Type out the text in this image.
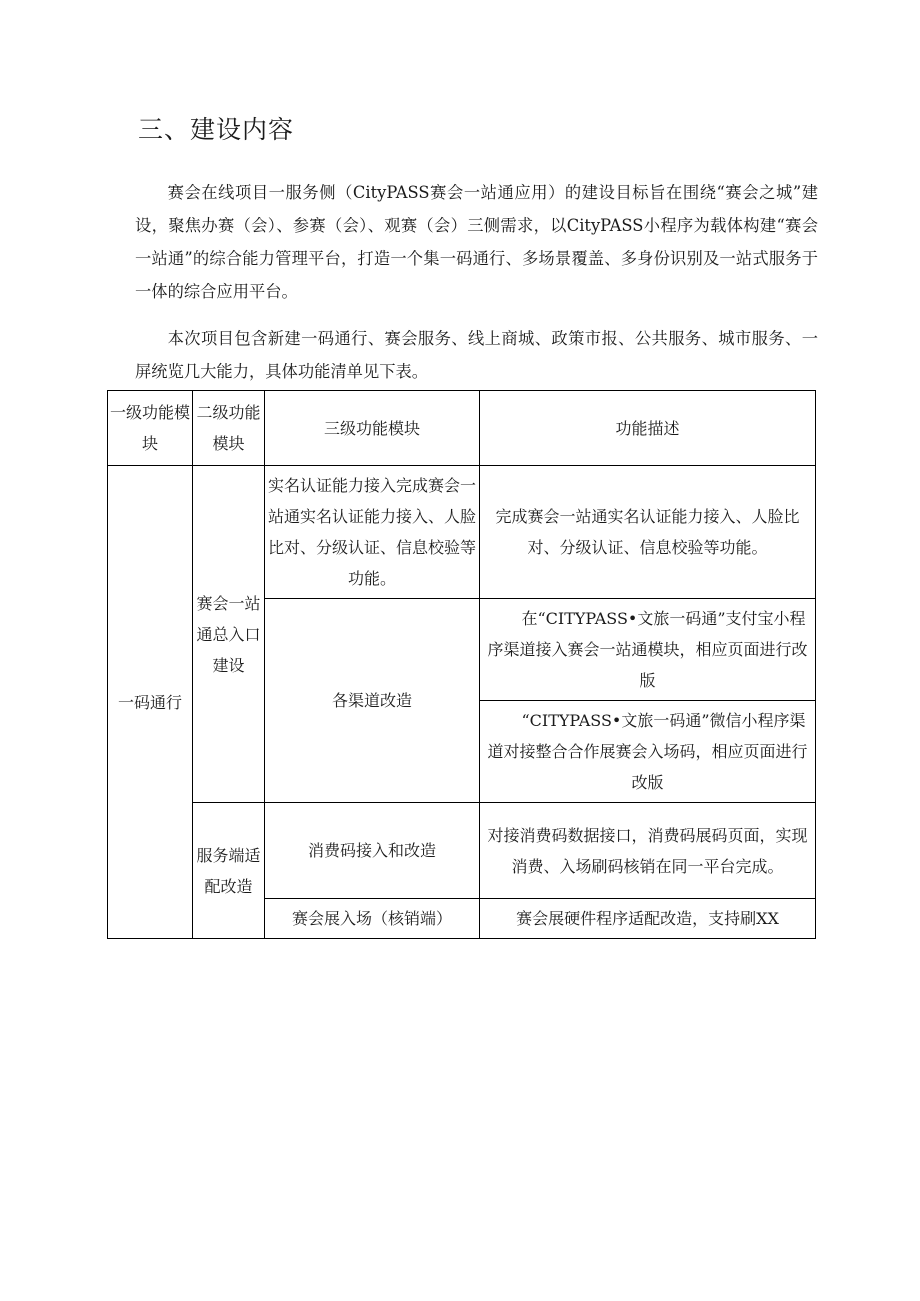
三、建设内容

赛会在线项目一服务侧（CityPASS赛会一站通应用）的建设目标旨在围绕“赛会之城”建设，聚焦办赛（会）、参赛（会）、观赛（会）三侧需求，以CityPASS小程序为载体构建“赛会一站通”的综合能力管理平台，打造一个集一码通行、多场景覆盖、多身份识别及一站式服务于一体的综合应用平台。

本次项目包含新建一码通行、赛会服务、线上商城、政策市报、公共服务、城市服务、一屏统览几大能力，具体功能清单见下表。

一级功能模块	二级功能模块	三级功能模块	功能描述
一码通行	赛会一站通总入口建设	实名认证能力接入完成赛会一站通实名认证能力接入、人脸比对、分级认证、信息校验等功能。	完成赛会一站通实名认证能力接入、人脸比对、分级认证、信息校验等功能。
		各渠道改造	在“CITYPASS•文旅一码通”支付宝小程序渠道接入赛会一站通模块，相应页面进行改版
			“CITYPASS•文旅一码通”微信小程序渠道对接整合合作展赛会入场码，相应页面进行改版
	服务端适配改造	消费码接入和改造	对接消费码数据接口，消费码展码页面，实现消费、入场刷码核销在同一平台完成。
		赛会展入场（核销端）	赛会展硬件程序适配改造，支持刷XX
